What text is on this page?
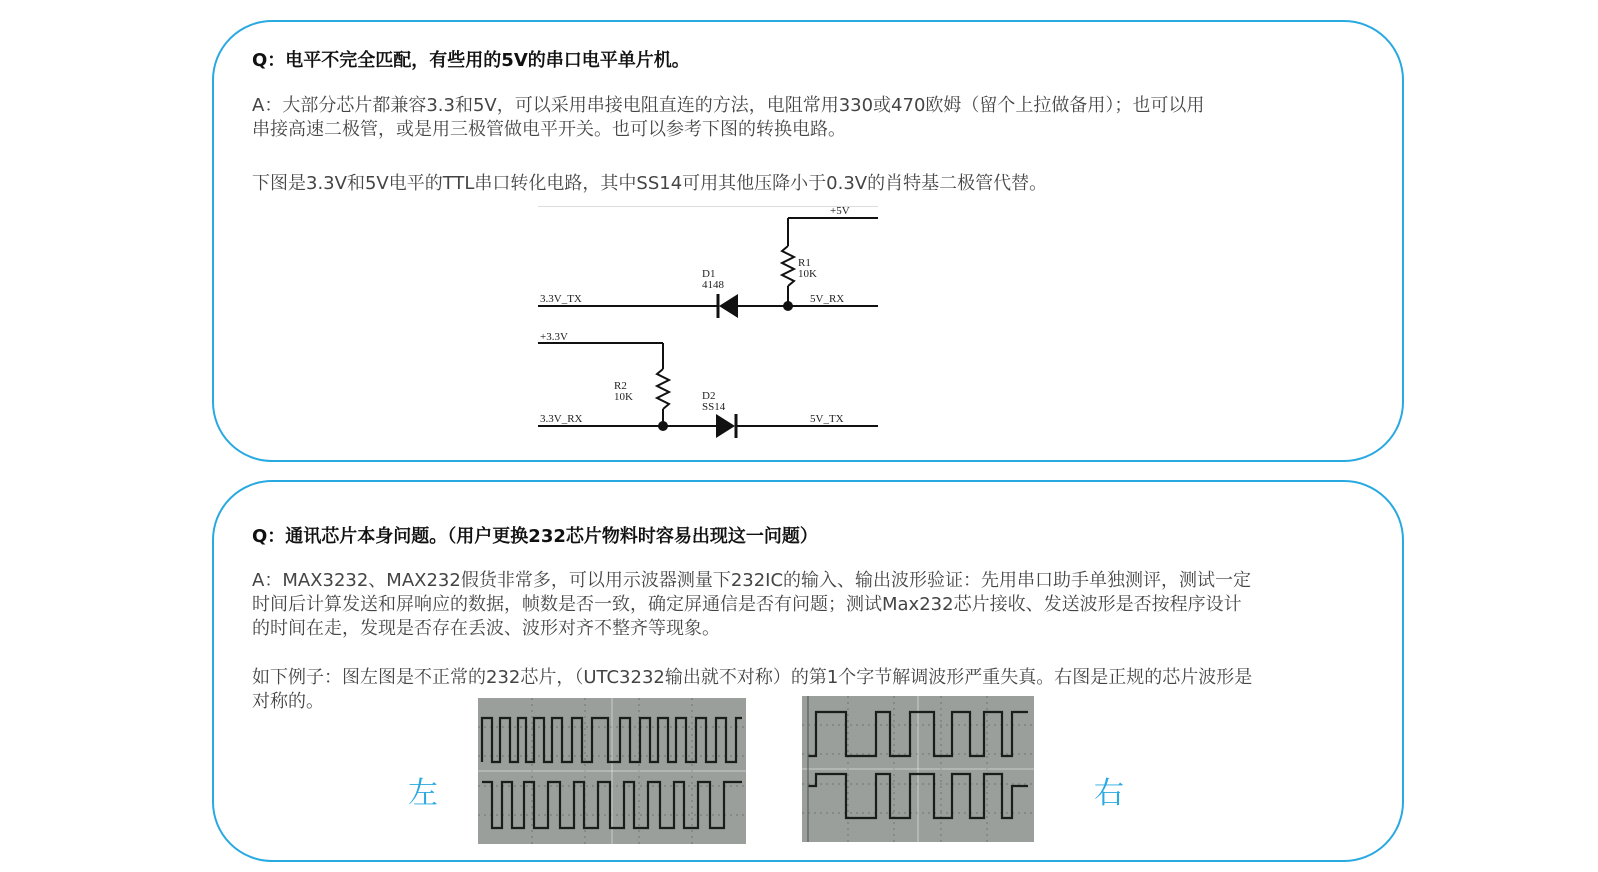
Q：电平不完全匹配，有些用的5V的串口电平单片机。
A：大部分芯片都兼容3.3和5V，可以采用串接电阻直连的方法，电阻常用330或470欧姆（留个上拉做备用）；也可以用
串接高速二极管，或是用三极管做电平开关。也可以参考下图的转换电路。
下图是3.3V和5V电平的TTL串口转化电路，其中SS14可用其他压降小于0.3V的肖特基二极管代替。
+5V
R1
10K
D1
4148
3.3V_TX	5V_RX
+3.3V
R2
10K	D2
SS14
3.3V_RX	5V_TX
Q：通讯芯片本身问题。（用户更换232芯片物料时容易出现这一问题）
A：MAX3232、MAX232假货非常多，可以用示波器测量下232IC的输入、输出波形验证：先用串口助手单独测评，测试一定
时间后计算发送和屏响应的数据，帧数是否一致，确定屏通信是否有问题；测试Max232芯片接收、发送波形是否按程序设计
的时间在走，发现是否存在丢波、波形对齐不整齐等现象。
如下例子：图左图是不正常的232芯片，（UTC3232输出就不对称）的第1个字节解调波形严重失真。右图是正规的芯片波形是
对称的。
左	右
